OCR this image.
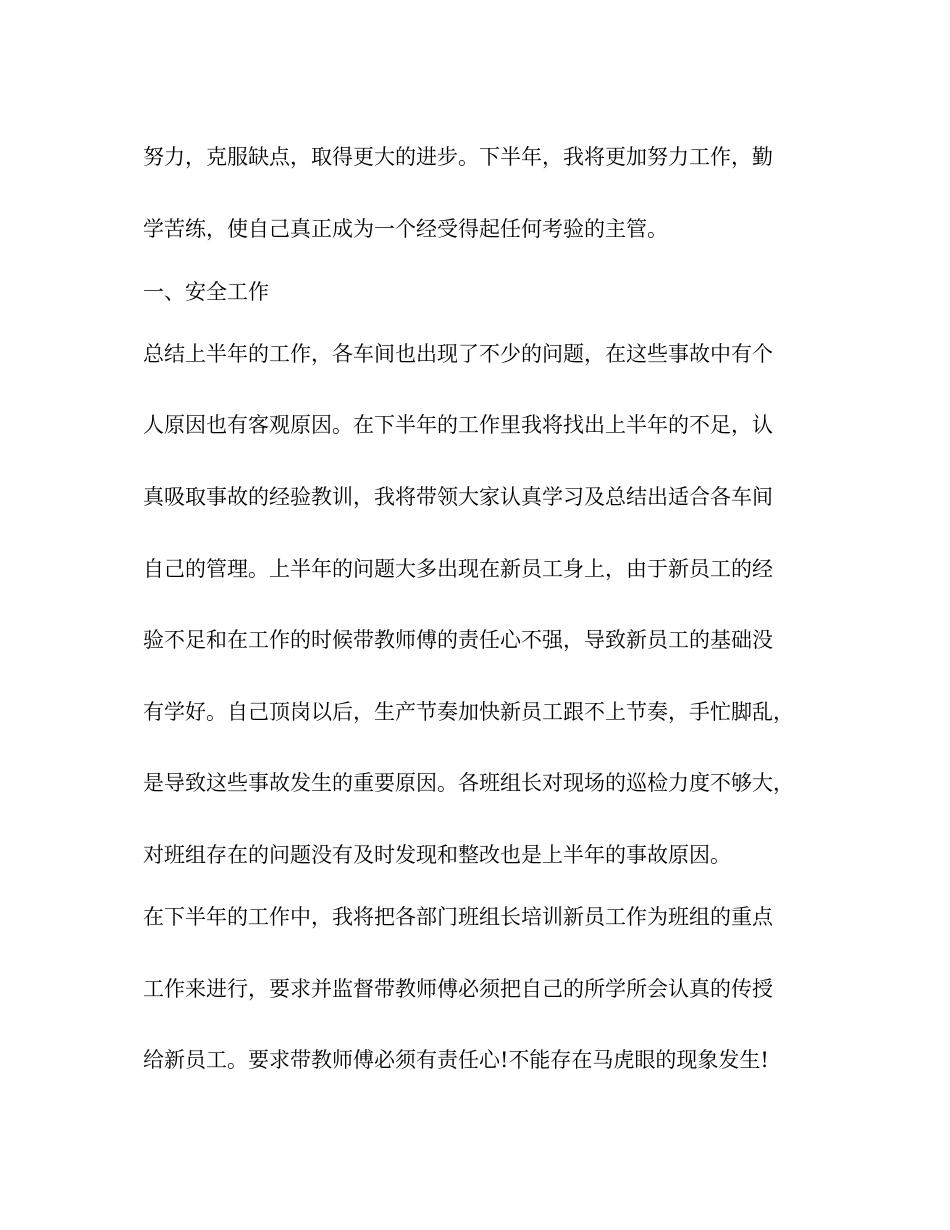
努力，克服缺点，取得更大的进步。下半年，我将更加努力工作，勤

学苦练，使自己真正成为一个经受得起任何考验的主管。

一、安全工作

总结上半年的工作，各车间也出现了不少的问题，在这些事故中有个

人原因也有客观原因。在下半年的工作里我将找出上半年的不足，认

真吸取事故的经验教训，我将带领大家认真学习及总结出适合各车间

自己的管理。上半年的问题大多出现在新员工身上，由于新员工的经

验不足和在工作的时候带教师傅的责任心不强，导致新员工的基础没

有学好。自己顶岗以后，生产节奏加快新员工跟不上节奏，手忙脚乱，

是导致这些事故发生的重要原因。各班组长对现场的巡检力度不够大，

对班组存在的问题没有及时发现和整改也是上半年的事故原因。

在下半年的工作中，我将把各部门班组长培训新员工作为班组的重点

工作来进行，要求并监督带教师傅必须把自己的所学所会认真的传授

给新员工。要求带教师傅必须有责任心!不能存在马虎眼的现象发生!
